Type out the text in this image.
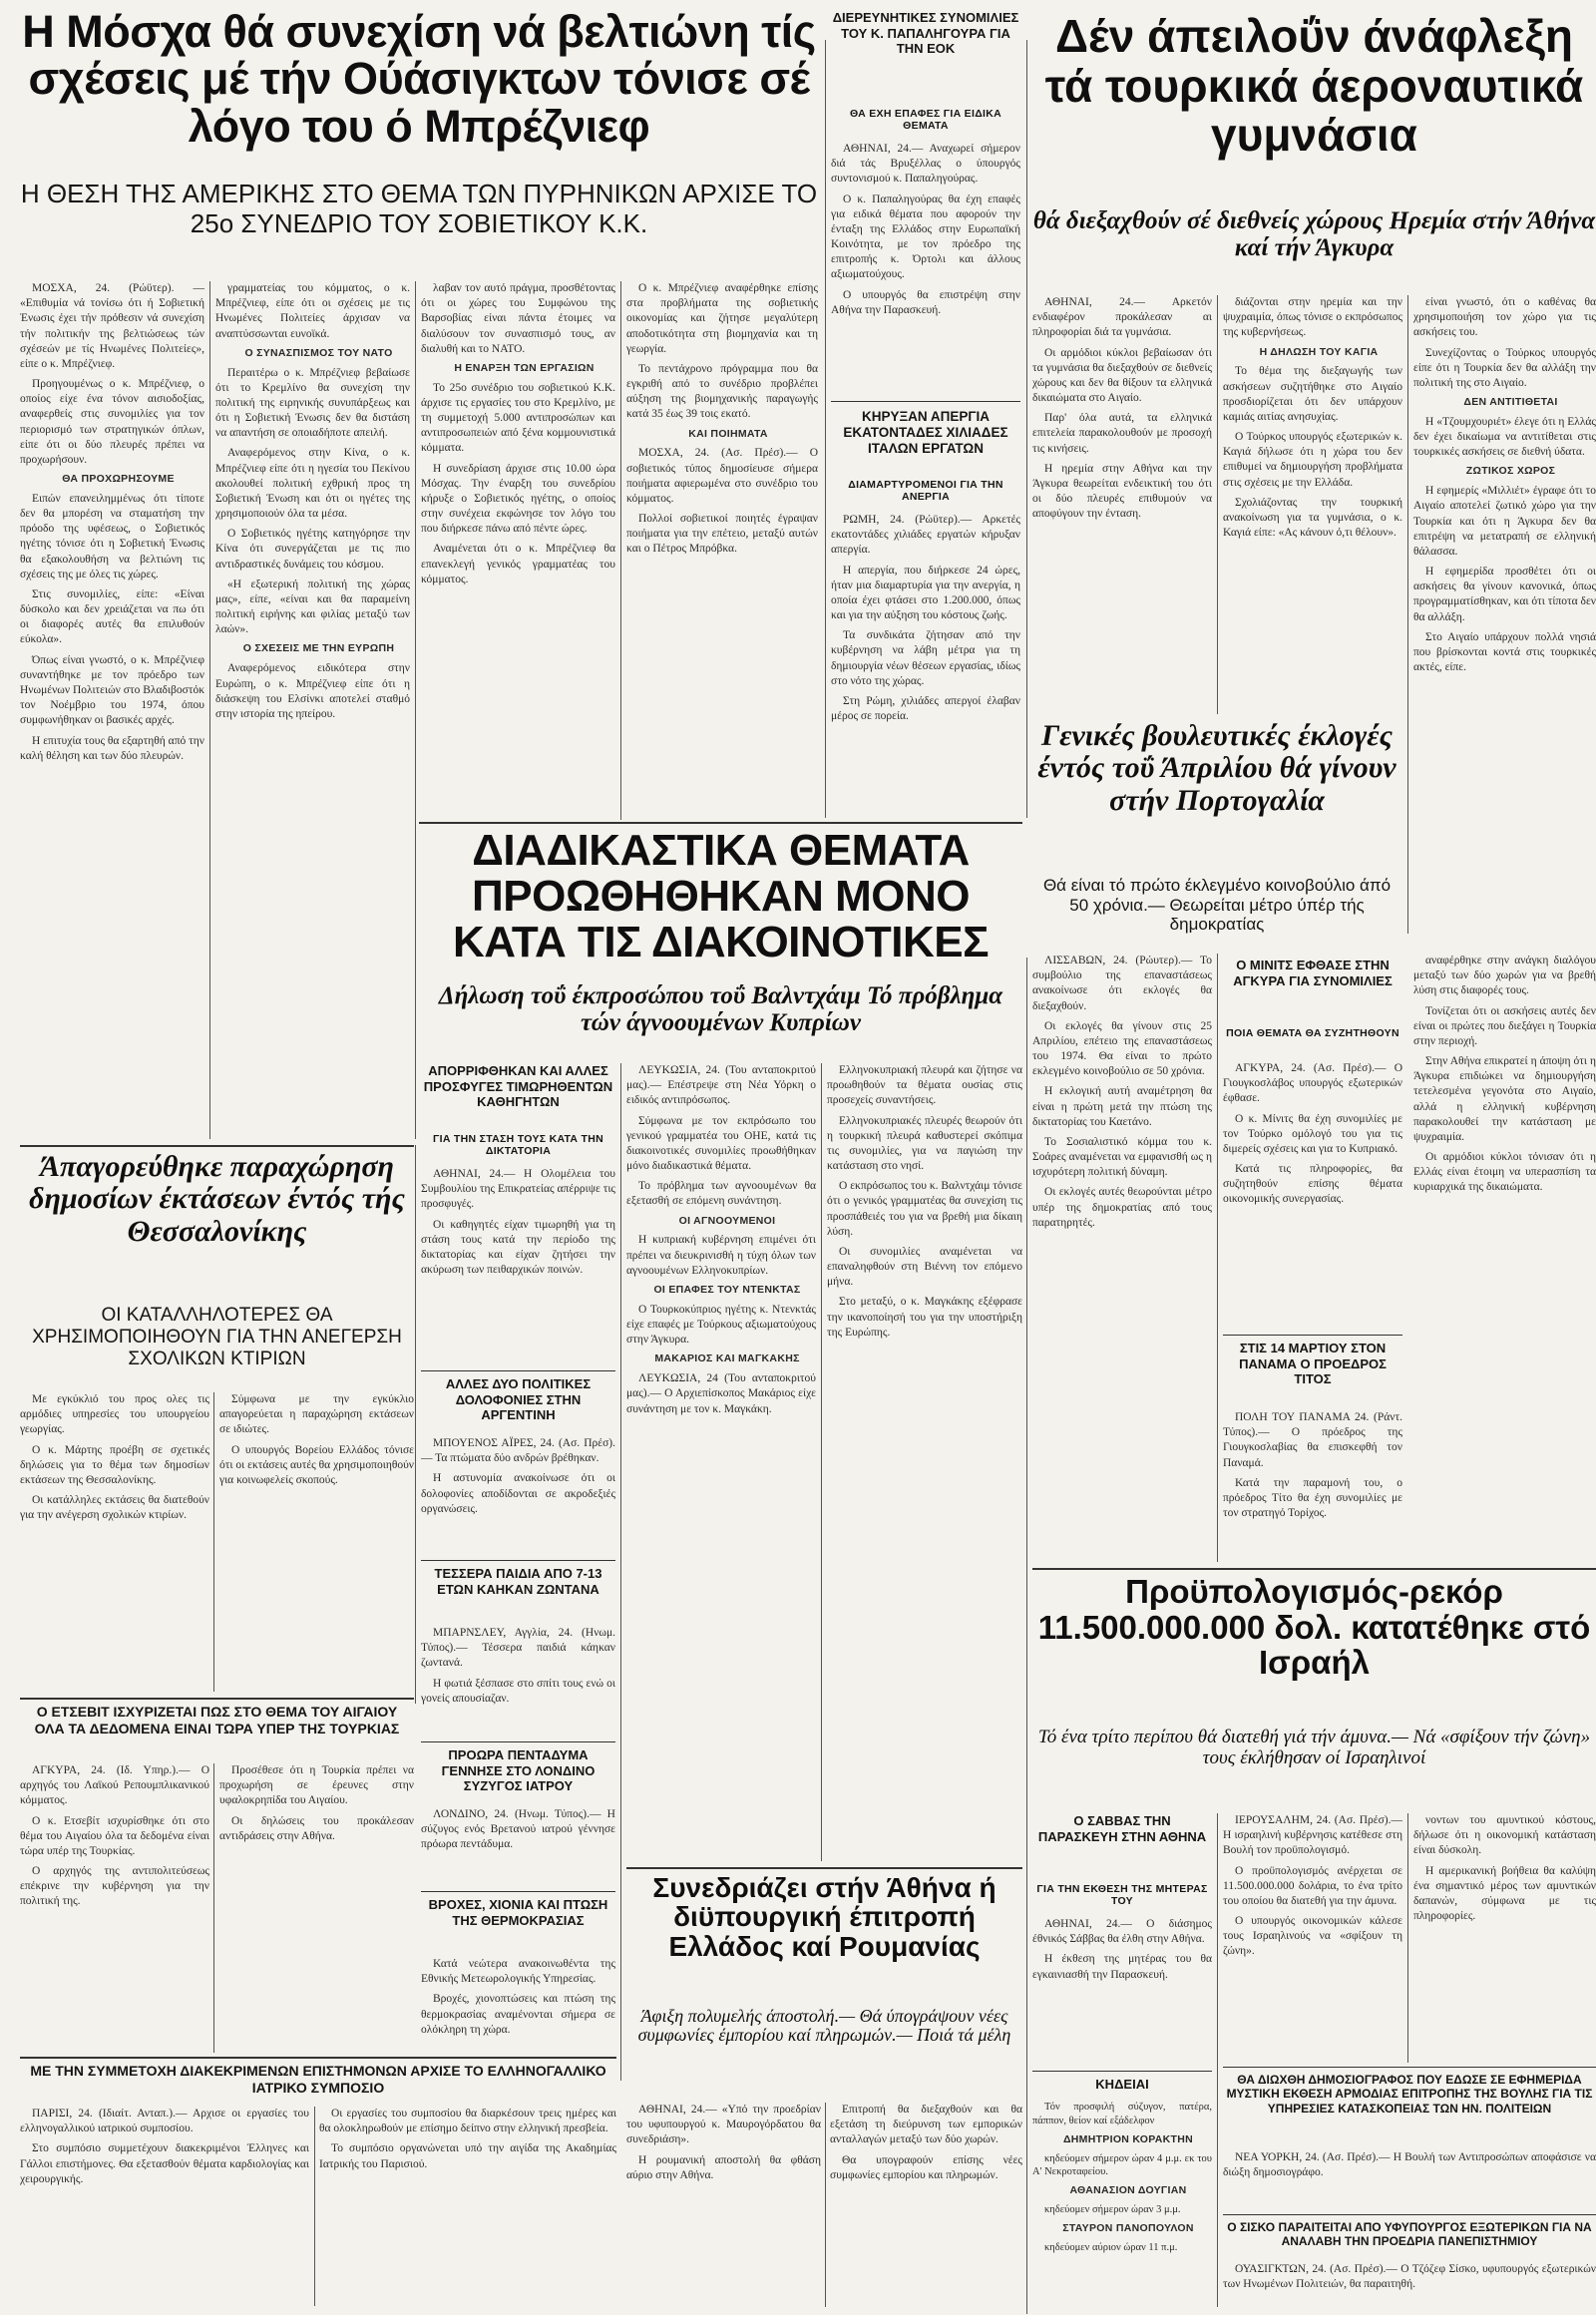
Η Μόσχα θά συνεχίση νά βελτιώνη τίς σχέσεις μέ τήν Ούάσιγκτων τόνισε σέ λόγο του ό Μπρέζνιεφ
Η ΘΕΣΗ ΤΗΣ ΑΜΕΡΙΚΗΣ ΣΤΟ ΘΕΜΑ ΤΩΝ ΠΥΡΗΝΙΚΩΝ ΑΡΧΙΣΕ ΤΟ 25ο ΣΥΝΕΔΡΙΟ ΤΟΥ ΣΟΒΙΕΤΙΚΟΥ Κ.Κ.

ΜΟΣΧΑ, 24. (Ρώϋτερ). — «Επιθυμία νά τονίσω ότι ή Σοβιετική Ένωσις έχει τήν πρόθεσιν νά συνεχίση τήν πολιτικήν της βελτιώσεως τών σχέσεών με τίς Ηνωμένες Πολιτείες», είπε ο κ. Μπρέζνιεφ.

Προηγουμένως ο κ. Μπρέζνιεφ, ο οποίος είχε ένα τόνον αισιοδοξίας, αναφερθείς στις συνομιλίες για τον περιορισμό των στρατηγικών όπλων, είπε ότι οι δύο πλευρές πρέπει να προχωρήσουν.

ΘΑ ΠΡΟΧΩΡΗΣΟΥΜΕ

Ειπών επανειλημμένως ότι τίποτε δεν θα μπορέση να σταματήση την πρόοδο της υφέσεως, ο Σοβιετικός ηγέτης τόνισε ότι η Σοβιετική Ένωσις θα εξακολουθήση να βελτιώνη τις σχέσεις της με όλες τις χώρες.

Στις συνομιλίες, είπε: «Είναι δύσκολο και δεν χρειάζεται να πω ότι οι διαφορές αυτές θα επιλυθούν εύκολα».

Όπως είναι γνωστό, ο κ. Μπρέζνιεφ συναντήθηκε με τον πρόεδρο των Ηνωμένων Πολιτειών στο Βλαδιβοστόκ τον Νοέμβριο του 1974, όπου συμφωνήθηκαν οι βασικές αρχές.

Η επιτυχία τους θα εξαρτηθή από την καλή θέληση και των δύο πλευρών.

γραμματείας του κόμματος, ο κ. Μπρέζνιεφ, είπε ότι οι σχέσεις με τις Ηνωμένες Πολιτείες άρχισαν να αναπτύσσωνται ευνοϊκά.

Ο ΣΥΝΑΣΠΙΣΜΟΣ ΤΟΥ ΝΑΤΟ

Περαιτέρω ο κ. Μπρέζνιεφ βεβαίωσε ότι το Κρεμλίνο θα συνεχίση την πολιτική της ειρηνικής συνυπάρξεως και ότι η Σοβιετική Ένωσις δεν θα διστάση να απαντήση σε οποιαδήποτε απειλή.

Αναφερόμενος στην Κίνα, ο κ. Μπρέζνιεφ είπε ότι η ηγεσία του Πεκίνου ακολουθεί πολιτική εχθρική προς τη Σοβιετική Ένωση και ότι οι ηγέτες της χρησιμοποιούν όλα τα μέσα.

Ο Σοβιετικός ηγέτης κατηγόρησε την Κίνα ότι συνεργάζεται με τις πιο αντιδραστικές δυνάμεις του κόσμου.

«Η εξωτερική πολιτική της χώρας μας», είπε, «είναι και θα παραμείνη πολιτική ειρήνης και φιλίας μεταξύ των λαών».

Ο ΣΧΕΣΕΙΣ ΜΕ ΤΗΝ ΕΥΡΩΠΗ

Αναφερόμενος ειδικότερα στην Ευρώπη, ο κ. Μπρέζνιεφ είπε ότι η διάσκεψη του Ελσίνκι αποτελεί σταθμό στην ιστορία της ηπείρου.

λαβαν τον αυτό πράγμα, προσθέτοντας ότι οι χώρες του Συμφώνου της Βαρσοβίας είναι πάντα έτοιμες να διαλύσουν τον συνασπισμό τους, αν διαλυθή και το ΝΑΤΟ.

Η ΕΝΑΡΞΗ ΤΩΝ ΕΡΓΑΣΙΩΝ

Το 25ο συνέδριο του σοβιετικού Κ.Κ. άρχισε τις εργασίες του στο Κρεμλίνο, με τη συμμετοχή 5.000 αντιπροσώπων και αντιπροσωπειών από ξένα κομμουνιστικά κόμματα.

Η συνεδρίαση άρχισε στις 10.00 ώρα Μόσχας. Την έναρξη του συνεδρίου κήρυξε ο Σοβιετικός ηγέτης, ο οποίος στην συνέχεια εκφώνησε τον λόγο του που διήρκεσε πάνω από πέντε ώρες.

Αναμένεται ότι ο κ. Μπρέζνιεφ θα επανεκλεγή γενικός γραμματέας του κόμματος.

Ο κ. Μπρέζνιεφ αναφέρθηκε επίσης στα προβλήματα της σοβιετικής οικονομίας και ζήτησε μεγαλύτερη αποδοτικότητα στη βιομηχανία και τη γεωργία.

Το πεντάχρονο πρόγραμμα που θα εγκριθή από το συνέδριο προβλέπει αύξηση της βιομηχανικής παραγωγής κατά 35 έως 39 τοις εκατό.

ΚΑΙ ΠΟΙΗΜΑΤΑ

ΜΟΣΧΑ, 24. (Ασ. Πρέσ).— Ο σοβιετικός τύπος δημοσίευσε σήμερα ποιήματα αφιερωμένα στο συνέδριο του κόμματος.

Πολλοί σοβιετικοί ποιητές έγραψαν ποιήματα για την επέτειο, μεταξύ αυτών και ο Πέτρος Μπρόβκα.

ΔΙΕΡΕΥΝΗΤΙΚΕΣ ΣΥΝΟΜΙΛΙΕΣ ΤΟΥ Κ. ΠΑΠΑΛΗΓΟΥΡΑ ΓΙΑ ΤΗΝ ΕΟΚ
ΘΑ ΕΧΗ ΕΠΑΦΕΣ ΓΙΑ ΕΙΔΙΚΑ ΘΕΜΑΤΑ

ΑΘΗΝΑΙ, 24.— Αναχωρεί σήμερον διά τάς Βρυξέλλας ο ύπουργός συντονισμού κ. Παπαληγούρας.

Ο κ. Παπαληγούρας θα έχη επαφές για ειδικά θέματα που αφορούν την ένταξη της Ελλάδος στην Ευρωπαϊκή Κοινότητα, με τον πρόεδρο της επιτροπής κ. Όρτολι και άλλους αξιωματούχους.

Ο υπουργός θα επιστρέψη στην Αθήνα την Παρασκευή.

ΚΗΡΥΞΑΝ ΑΠΕΡΓΙΑ ΕΚΑΤΟΝΤΑΔΕΣ ΧΙΛΙΑΔΕΣ ΙΤΑΛΩΝ ΕΡΓΑΤΩΝ
ΔΙΑΜΑΡΤΥΡΟΜΕΝΟΙ ΓΙΑ ΤΗΝ ΑΝΕΡΓΙΑ

ΡΩΜΗ, 24. (Ρώϋτερ).— Αρκετές εκατοντάδες χιλιάδες εργατών κήρυξαν απεργία.

Η απεργία, που διήρκεσε 24 ώρες, ήταν μια διαμαρτυρία για την ανεργία, η οποία έχει φτάσει στο 1.200.000, όπως και για την αύξηση του κόστους ζωής.

Τα συνδικάτα ζήτησαν από την κυβέρνηση να λάβη μέτρα για τη δημιουργία νέων θέσεων εργασίας, ιδίως στο νότο της χώρας.

Στη Ρώμη, χιλιάδες απεργοί έλαβαν μέρος σε πορεία.

Δέν άπειλοΰν άνάφλεξη τά τουρκικά άεροναυτικά γυμνάσια
θά διεξαχθούν σέ διεθνείς χώρους Ηρεμία στήν Άθήνα καί τήν Άγκυρα

ΑΘΗΝΑΙ, 24.— Αρκετόν ενδιαφέρον προκάλεσαν αι πληροφορίαι διά τα γυμνάσια.

Οι αρμόδιοι κύκλοι βεβαίωσαν ότι τα γυμνάσια θα διεξαχθούν σε διεθνείς χώρους και δεν θα θίξουν τα ελληνικά δικαιώματα στο Αιγαίο.

Παρ' όλα αυτά, τα ελληνικά επιτελεία παρακολουθούν με προσοχή τις κινήσεις.

Η ηρεμία στην Αθήνα και την Άγκυρα θεωρείται ενδεικτική του ότι οι δύο πλευρές επιθυμούν να αποφύγουν την ένταση.

διάζονται στην ηρεμία και την ψυχραιμία, όπως τόνισε ο εκπρόσωπος της κυβερνήσεως.

Η ΔΗΛΩΣΗ ΤΟΥ ΚΑΓΙΑ

Το θέμα της διεξαγωγής των ασκήσεων συζητήθηκε στο Αιγαίο προσδιορίζεται ότι δεν υπάρχουν καμιάς αιτίας ανησυχίας.

Ο Τούρκος υπουργός εξωτερικών κ. Καγιά δήλωσε ότι η χώρα του δεν επιθυμεί να δημιουργήση προβλήματα στις σχέσεις με την Ελλάδα.

Σχολιάζοντας την τουρκική ανακοίνωση για τα γυμνάσια, ο κ. Καγιά είπε: «Ας κάνουν ό,τι θέλουν».

είναι γνωστό, ότι ο καθένας θα χρησιμοποιήση τον χώρο για τις ασκήσεις του.

Συνεχίζοντας ο Τούρκος υπουργός είπε ότι η Τουρκία δεν θα αλλάξη την πολιτική της στο Αιγαίο.

ΔΕΝ ΑΝΤΙΤΙΘΕΤΑΙ

Η «Τζουμχουριέτ» έλεγε ότι η Ελλάς δεν έχει δικαίωμα να αντιτίθεται στις τουρκικές ασκήσεις σε διεθνή ύδατα.

ΖΩΤΙΚΟΣ ΧΩΡΟΣ

Η εφημερίς «Μιλλιέτ» έγραφε ότι το Αιγαίο αποτελεί ζωτικό χώρο για την Τουρκία και ότι η Άγκυρα δεν θα επιτρέψη να μετατραπή σε ελληνική θάλασσα.

Η εφημερίδα προσθέτει ότι οι ασκήσεις θα γίνουν κανονικά, όπως προγραμματίσθηκαν, και ότι τίποτα δεν θα αλλάξη.

Στο Αιγαίο υπάρχουν πολλά νησιά που βρίσκονται κοντά στις τουρκικές ακτές, είπε.

Γενικές βουλευτικές έκλογές έντός τοΰ Άπριλίου θά γίνουν στήν Πορτογαλία
Θά είναι τό πρώτο έκλεγμένο κοινοβούλιο άπό 50 χρόνια.— Θεωρείται μέτρο ύπέρ τής δημοκρατίας

ΛΙΣΣΑΒΩΝ, 24. (Ρώυτερ).— Το συμβούλιο της επαναστάσεως ανακοίνωσε ότι εκλογές θα διεξαχθούν.

Οι εκλογές θα γίνουν στις 25 Απριλίου, επέτειο της επαναστάσεως του 1974. Θα είναι το πρώτο εκλεγμένο κοινοβούλιο σε 50 χρόνια.

Η εκλογική αυτή αναμέτρηση θα είναι η πρώτη μετά την πτώση της δικτατορίας του Καετάνο.

Το Σοσιαλιστικό κόμμα του κ. Σοάρες αναμένεται να εμφανισθή ως η ισχυρότερη πολιτική δύναμη.

Οι εκλογές αυτές θεωρούνται μέτρο υπέρ της δημοκρατίας από τους παρατηρητές.

Ο ΜΙΝΙΤΣ ΕΦΘΑΣΕ ΣΤΗΝ ΑΓΚΥΡΑ ΓΙΑ ΣΥΝΟΜΙΛΙΕΣ
ΠΟΙΑ ΘΕΜΑΤΑ ΘΑ ΣΥΖΗΤΗΘΟΥΝ

ΑΓΚΥΡΑ, 24. (Ασ. Πρέσ).— Ο Γιουγκοσλάβος υπουργός εξωτερικών έφθασε.

Ο κ. Μίνιτς θα έχη συνομιλίες με τον Τούρκο ομόλογό του για τις διμερείς σχέσεις και για το Κυπριακό.

Κατά τις πληροφορίες, θα συζητηθούν επίσης θέματα οικονομικής συνεργασίας.

ΣΤΙΣ 14 ΜΑΡΤΙΟΥ ΣΤΟΝ ΠΑΝΑΜΑ Ο ΠΡΟΕΔΡΟΣ ΤΙΤΟΣ

ΠΟΛΗ ΤΟΥ ΠΑΝΑΜΑ 24. (Ράντ. Τύπος).— Ο πρόεδρος της Γιουγκοσλαβίας θα επισκεφθή τον Παναμά.

Κατά την παραμονή του, ο πρόεδρος Τίτο θα έχη συνομιλίες με τον στρατηγό Τορίχος.

αναφέρθηκε στην ανάγκη διαλόγου μεταξύ των δύο χωρών για να βρεθή λύση στις διαφορές τους.

Τονίζεται ότι οι ασκήσεις αυτές δεν είναι οι πρώτες που διεξάγει η Τουρκία στην περιοχή.

Στην Αθήνα επικρατεί η άποψη ότι η Άγκυρα επιδιώκει να δημιουργήση τετελεσμένα γεγονότα στο Αιγαίο, αλλά η ελληνική κυβέρνηση παρακολουθεί την κατάσταση με ψυχραιμία.

Οι αρμόδιοι κύκλοι τόνισαν ότι η Ελλάς είναι έτοιμη να υπερασπίση τα κυριαρχικά της δικαιώματα.

ΔΙΑΔΙΚΑΣΤΙΚΑ ΘΕΜΑΤΑ ΠΡΟΩΘΗΘΗΚΑΝ ΜΟΝΟ ΚΑΤΑ ΤΙΣ ΔΙΑΚΟΙΝΟΤΙΚΕΣ
Δήλωση τοΰ έκπροσώπου τοΰ Βαλντχάιμ Τό πρόβλημα τών άγνοουμένων Κυπρίων
ΑΠΟΡΡΙΦΘΗΚΑΝ ΚΑΙ ΑΛΛΕΣ ΠΡΟΣΦΥΓΕΣ ΤΙΜΩΡΗΘΕΝΤΩΝ ΚΑΘΗΓΗΤΩΝ
ΓΙΑ ΤΗΝ ΣΤΑΣΗ ΤΟΥΣ ΚΑΤΑ ΤΗΝ ΔΙΚΤΑΤΟΡΙΑ

ΑΘΗΝΑΙ, 24.— Η Ολομέλεια του Συμβουλίου της Επικρατείας απέρριψε τις προσφυγές.

Οι καθηγητές είχαν τιμωρηθή για τη στάση τους κατά την περίοδο της δικτατορίας και είχαν ζητήσει την ακύρωση των πειθαρχικών ποινών.

ΑΛΛΕΣ ΔΥΟ ΠΟΛΙΤΙΚΕΣ ΔΟΛΟΦΟΝΙΕΣ ΣΤΗΝ ΑΡΓΕΝΤΙΝΗ

ΜΠΟΥΕΝΟΣ ΑΪΡΕΣ, 24. (Ασ. Πρέσ).— Τα πτώματα δύο ανδρών βρέθηκαν.

Η αστυνομία ανακοίνωσε ότι οι δολοφονίες αποδίδονται σε ακροδεξιές οργανώσεις.

ΤΕΣΣΕΡΑ ΠΑΙΔΙΑ ΑΠΟ 7-13 ΕΤΩΝ ΚΑΗΚΑΝ ΖΩΝΤΑΝΑ

ΜΠΑΡΝΣΛΕΥ, Αγγλία, 24. (Ηνωμ. Τύπος).— Τέσσερα παιδιά κάηκαν ζωντανά.

Η φωτιά ξέσπασε στο σπίτι τους ενώ οι γονείς απουσίαζαν.

ΠΡΟΩΡΑ ΠΕΝΤΑΔΥΜΑ ΓΕΝΝΗΣΕ ΣΤΟ ΛΟΝΔΙΝΟ ΣΥΖΥΓΟΣ ΙΑΤΡΟΥ

ΛΟΝΔΙΝΟ, 24. (Ηνωμ. Τύπος).— Η σύζυγος ενός Βρετανού ιατρού γέννησε πρόωρα πεντάδυμα.

ΒΡΟΧΕΣ, ΧΙΟΝΙΑ ΚΑΙ ΠΤΩΣΗ ΤΗΣ ΘΕΡΜΟΚΡΑΣΙΑΣ

Κατά νεώτερα ανακοινωθέντα της Εθνικής Μετεωρολογικής Υπηρεσίας.

Βροχές, χιονοπτώσεις και πτώση της θερμοκρασίας αναμένονται σήμερα σε ολόκληρη τη χώρα.

ΛΕΥΚΩΣΙΑ, 24. (Του ανταποκριτού μας).— Επέστρεψε στη Νέα Υόρκη ο ειδικός αντιπρόσωπος.

Σύμφωνα με τον εκπρόσωπο του γενικού γραμματέα του ΟΗΕ, κατά τις διακοινοτικές συνομιλίες προωθήθηκαν μόνο διαδικαστικά θέματα.

Το πρόβλημα των αγνοουμένων θα εξετασθή σε επόμενη συνάντηση.

ΟΙ ΑΓΝΟΟΥΜΕΝΟΙ

Η κυπριακή κυβέρνηση επιμένει ότι πρέπει να διευκρινισθή η τύχη όλων των αγνοουμένων Ελληνοκυπρίων.

ΟΙ ΕΠΑΦΕΣ ΤΟΥ ΝΤΕΝΚΤΑΣ

Ο Τουρκοκύπριος ηγέτης κ. Ντενκτάς είχε επαφές με Τούρκους αξιωματούχους στην Άγκυρα.

ΜΑΚΑΡΙΟΣ ΚΑΙ ΜΑΓΚΑΚΗΣ

ΛΕΥΚΩΣΙΑ, 24 (Του ανταποκριτού μας).— Ο Αρχιεπίσκοπος Μακάριος είχε συνάντηση με τον κ. Μαγκάκη.

Ελληνοκυπριακή πλευρά και ζήτησε να προωθηθούν τα θέματα ουσίας στις προσεχείς συναντήσεις.

Ελληνοκυπριακές πλευρές θεωρούν ότι η τουρκική πλευρά καθυστερεί σκόπιμα τις συνομιλίες, για να παγιώση την κατάσταση στο νησί.

Ο εκπρόσωπος του κ. Βαλντχάιμ τόνισε ότι ο γενικός γραμματέας θα συνεχίση τις προσπάθειές του για να βρεθή μια δίκαιη λύση.

Οι συνομιλίες αναμένεται να επαναληφθούν στη Βιέννη τον επόμενο μήνα.

Στο μεταξύ, ο κ. Μαγκάκης εξέφρασε την ικανοποίησή του για την υποστήριξη της Ευρώπης.

Άπαγορεύθηκε παραχώρηση δημοσίων έκτάσεων έντός τής Θεσσαλονίκης
ΟΙ ΚΑΤΑΛΛΗΛΟΤΕΡΕΣ ΘΑ ΧΡΗΣΙΜΟΠΟΙΗΘΟΥΝ ΓΙΑ ΤΗΝ ΑΝΕΓΕΡΣΗ ΣΧΟΛΙΚΩΝ ΚΤΙΡΙΩΝ

Με εγκύκλιό του προς ολες τις αρμόδιες υπηρεσίες του υπουργείου γεωργίας.

Ο κ. Μάρτης προέβη σε σχετικές δηλώσεις για το θέμα των δημοσίων εκτάσεων της Θεσσαλονίκης.

Οι κατάλληλες εκτάσεις θα διατεθούν για την ανέγερση σχολικών κτιρίων.

Σύμφωνα με την εγκύκλιο απαγορεύεται η παραχώρηση εκτάσεων σε ιδιώτες.

Ο υπουργός Βορείου Ελλάδος τόνισε ότι οι εκτάσεις αυτές θα χρησιμοποιηθούν για κοινωφελείς σκοπούς.

Ο ΕΤΣΕΒΙΤ ΙΣΧΥΡΙΖΕΤΑΙ ΠΩΣ ΣΤΟ ΘΕΜΑ ΤΟΥ ΑΙΓΑΙΟΥ ΟΛΑ ΤΑ ΔΕΔΟΜΕΝΑ ΕΙΝΑΙ ΤΩΡΑ ΥΠΕΡ ΤΗΣ ΤΟΥΡΚΙΑΣ

ΑΓΚΥΡΑ, 24. (Ιδ. Υπηρ.).— Ο αρχηγός του Λαϊκού Ρεπουμπλικανικού κόμματος.

Ο κ. Ετσεβίτ ισχυρίσθηκε ότι στο θέμα του Αιγαίου όλα τα δεδομένα είναι τώρα υπέρ της Τουρκίας.

Ο αρχηγός της αντιπολιτεύσεως επέκρινε την κυβέρνηση για την πολιτική της.

Προσέθεσε ότι η Τουρκία πρέπει να προχωρήση σε έρευνες στην υφαλοκρηπίδα του Αιγαίου.

Οι δηλώσεις του προκάλεσαν αντιδράσεις στην Αθήνα.

ΜΕ ΤΗΝ ΣΥΜΜΕΤΟΧΗ ΔΙΑΚΕΚΡΙΜΕΝΩΝ ΕΠΙΣΤΗΜΟΝΩΝ ΑΡΧΙΣΕ ΤΟ ΕΛΛΗΝΟΓΑΛΛΙΚΟ ΙΑΤΡΙΚΟ ΣΥΜΠΟΣΙΟ

ΠΑΡΙΣΙ, 24. (Ιδιαίτ. Ανταπ.).— Αρχισε οι εργασίες του ελληνογαλλικού ιατρικού συμποσίου.

Στο συμπόσιο συμμετέχουν διακεκριμένοι Έλληνες και Γάλλοι επιστήμονες. Θα εξετασθούν θέματα καρδιολογίας και χειρουργικής.

Οι εργασίες του συμποσίου θα διαρκέσουν τρεις ημέρες και θα ολοκληρωθούν με επίσημο δείπνο στην ελληνική πρεσβεία.

Το συμπόσιο οργανώνεται υπό την αιγίδα της Ακαδημίας Ιατρικής του Παρισιού.

Συνεδριάζει στήν Άθήνα ή διϋπουργική έπιτροπή Ελλάδος καί Ρουμανίας
Άφιξη πολυμελής άποστολή.— Θά ύπογράψουν νέες συμφωνίες έμπορίου καί πληρωμών.— Ποιά τά μέλη

ΑΘΗΝΑΙ, 24.— «Υπό την προεδρίαν του υφυπουργού κ. Μαυρογόρδατου θα συνεδριάση».

Η ρουμανική αποστολή θα φθάση αύριο στην Αθήνα.

Επιτροπή θα διεξαχθούν και θα εξετάση τη διεύρυνση των εμπορικών ανταλλαγών μεταξύ των δύο χωρών.

Θα υπογραφούν επίσης νέες συμφωνίες εμπορίου και πληρωμών.

Προϋπολογισμός-ρεκόρ 11.500.000.000 δολ. κατατέθηκε στό Ισραήλ
Τό ένα τρίτο περίπου θά διατεθή γιά τήν άμυνα.— Νά «σφίξουν τήν ζώνη» τους έκλήθησαν οί Ισραηλινοί
Ο ΣΑΒΒΑΣ ΤΗΝ ΠΑΡΑΣΚΕΥΗ ΣΤΗΝ ΑΘΗΝΑ
ΓΙΑ ΤΗΝ ΕΚΘΕΣΗ ΤΗΣ ΜΗΤΕΡΑΣ ΤΟΥ

ΑΘΗΝΑΙ, 24.— Ο διάσημος έθνικός Σάββας θα έλθη στην Αθήνα.

Η έκθεση της μητέρας του θα εγκαινιασθή την Παρασκευή.

ΚΗΔΕΙΑΙ

Τόν προσφιλή σύζυγον, πατέρα, πάππον, θείον καί εξάδελφον

ΔΗΜΗΤΡΙΟΝ ΚΟΡΑΚΤΗΝ

κηδεύομεν σήμερον ώραν 4 μ.μ. εκ του Α' Νεκροταφείου.

ΑΘΑΝΑΣΙΟΝ ΔΟΥΓΙΑΝ

κηδεύομεν σήμερον ώραν 3 μ.μ.

ΣΤΑΥΡΟΝ ΠΑΝΟΠΟΥΛΟΝ

κηδεύομεν αύριον ώραν 11 π.μ.

ΙΕΡΟΥΣΑΛΗΜ, 24. (Ασ. Πρέσ).— Η ισραηλινή κυβέρνησις κατέθεσε στη Βουλή τον προϋπολογισμό.

Ο προϋπολογισμός ανέρχεται σε 11.500.000.000 δολάρια, το ένα τρίτο του οποίου θα διατεθή για την άμυνα.

Ο υπουργός οικονομικών κάλεσε τους Ισραηλινούς να «σφίξουν τη ζώνη».

νοντων του αμυντικού κόστους, δήλωσε ότι η οικονομική κατάσταση είναι δύσκολη.

Η αμερικανική βοήθεια θα καλύψη ένα σημαντικό μέρος των αμυντικών δαπανών, σύμφωνα με τις πληροφορίες.

ΘΑ ΔΙΩΧΘΗ ΔΗΜΟΣΙΟΓΡΑΦΟΣ ΠΟΥ ΕΔΩΣΕ ΣΕ ΕΦΗΜΕΡΙΔΑ ΜΥΣΤΙΚΗ ΕΚΘΕΣΗ ΑΡΜΟΔΙΑΣ ΕΠΙΤΡΟΠΗΣ ΤΗΣ ΒΟΥΛΗΣ ΓΙΑ ΤΙΣ ΥΠΗΡΕΣΙΕΣ ΚΑΤΑΣΚΟΠΕΙΑΣ ΤΩΝ ΗΝ. ΠΟΛΙΤΕΙΩΝ

ΝΕΑ ΥΟΡΚΗ, 24. (Ασ. Πρέσ).— Η Βουλή των Αντιπροσώπων αποφάσισε να διώξη δημοσιογράφο.

Ο ΣΙΣΚΟ ΠΑΡΑΙΤΕΙΤΑΙ ΑΠΟ ΥΦΥΠΟΥΡΓΟΣ ΕΞΩΤΕΡΙΚΩΝ ΓΙΑ ΝΑ ΑΝΑΛΑΒΗ ΤΗΝ ΠΡΟΕΔΡΙΑ ΠΑΝΕΠΙΣΤΗΜΙΟΥ

ΟΥΑΣΙΓΚΤΩΝ, 24. (Ασ. Πρέσ).— Ο Τζόζεφ Σίσκο, υφυπουργός εξωτερικών των Ηνωμένων Πολιτειών, θα παραιτηθή.
